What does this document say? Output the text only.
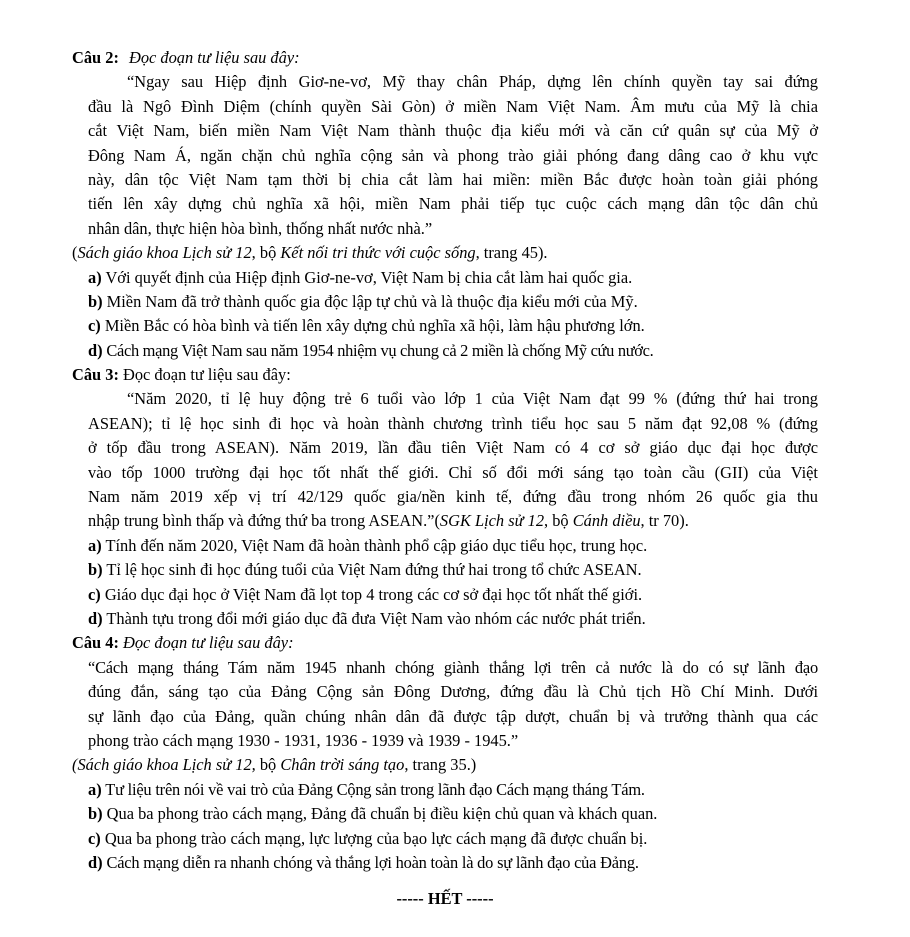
Câu 2: Đọc đoạn tư liệu sau đây:
“Ngay sau Hiệp định Giơ-ne-vơ, Mỹ thay chân Pháp, dựng lên chính quyền tay sai đứng
đầu là Ngô Đình Diệm (chính quyền Sài Gòn) ở miền Nam Việt Nam. Âm mưu của Mỹ là chia
cắt Việt Nam, biến miền Nam Việt Nam thành thuộc địa kiểu mới và căn cứ quân sự của Mỹ ở
Đông Nam Á, ngăn chặn chủ nghĩa cộng sản và phong trào giải phóng đang dâng cao ở khu vực
này, dân tộc Việt Nam tạm thời bị chia cắt làm hai miền: miền Bắc được hoàn toàn giải phóng
tiến lên xây dựng chủ nghĩa xã hội, miền Nam phải tiếp tục cuộc cách mạng dân tộc dân chủ
nhân dân, thực hiện hòa bình, thống nhất nước nhà.”
(Sách giáo khoa Lịch sử 12, bộ Kết nối tri thức với cuộc sống, trang 45).
a) Với quyết định của Hiệp định Giơ-ne-vơ, Việt Nam bị chia cắt làm hai quốc gia.
b) Miền Nam đã trở thành quốc gia độc lập tự chủ và là thuộc địa kiểu mới của Mỹ.
c) Miền Bắc có hòa bình và tiến lên xây dựng chủ nghĩa xã hội, làm hậu phương lớn.
d) Cách mạng Việt Nam sau năm 1954 nhiệm vụ chung cả 2 miền là chống Mỹ cứu nước.
Câu 3: Đọc đoạn tư liệu sau đây:
“Năm 2020, tỉ lệ huy động trẻ 6 tuổi vào lớp 1 của Việt Nam đạt 99 % (đứng thứ hai trong
ASEAN); tỉ lệ học sinh đi học và hoàn thành chương trình tiểu học sau 5 năm đạt 92,08 % (đứng
ở tốp đầu trong ASEAN). Năm 2019, lần đầu tiên Việt Nam có 4 cơ sở giáo dục đại học được
vào tốp 1000 trường đại học tốt nhất thế giới. Chỉ số đổi mới sáng tạo toàn cầu (GII) của Việt
Nam năm 2019 xếp vị trí 42/129 quốc gia/nền kinh tế, đứng đầu trong nhóm 26 quốc gia thu
nhập trung bình thấp và đứng thứ ba trong ASEAN.”(SGK Lịch sử 12, bộ Cánh diều, tr 70).
a) Tính đến năm 2020, Việt Nam đã hoàn thành phổ cập giáo dục tiểu học, trung học.
b) Tỉ lệ học sinh đi học đúng tuổi của Việt Nam đứng thứ hai trong tổ chức ASEAN.
c) Giáo dục đại học ở Việt Nam đã lọt top 4 trong các cơ sở đại học tốt nhất thế giới.
d) Thành tựu trong đổi mới giáo dục đã đưa Việt Nam vào nhóm các nước phát triển.
Câu 4: Đọc đoạn tư liệu sau đây:
“Cách mạng tháng Tám năm 1945 nhanh chóng giành thắng lợi trên cả nước là do có sự lãnh đạo
đúng đắn, sáng tạo của Đảng Cộng sản Đông Dương, đứng đầu là Chủ tịch Hồ Chí Minh. Dưới
sự lãnh đạo của Đảng, quần chúng nhân dân đã được tập dượt, chuẩn bị và trưởng thành qua các
phong trào cách mạng 1930 - 1931, 1936 - 1939 và 1939 - 1945.”
(Sách giáo khoa Lịch sử 12, bộ Chân trời sáng tạo, trang 35.)
a) Tư liệu trên nói về vai trò của Đảng Cộng sản trong lãnh đạo Cách mạng tháng Tám.
b) Qua ba phong trào cách mạng, Đảng đã chuẩn bị điều kiện chủ quan và khách quan.
c) Qua ba phong trào cách mạng, lực lượng của bạo lực cách mạng đã được chuẩn bị.
d) Cách mạng diễn ra nhanh chóng và thắng lợi hoàn toàn là do sự lãnh đạo của Đảng.
----- HẾT -----
